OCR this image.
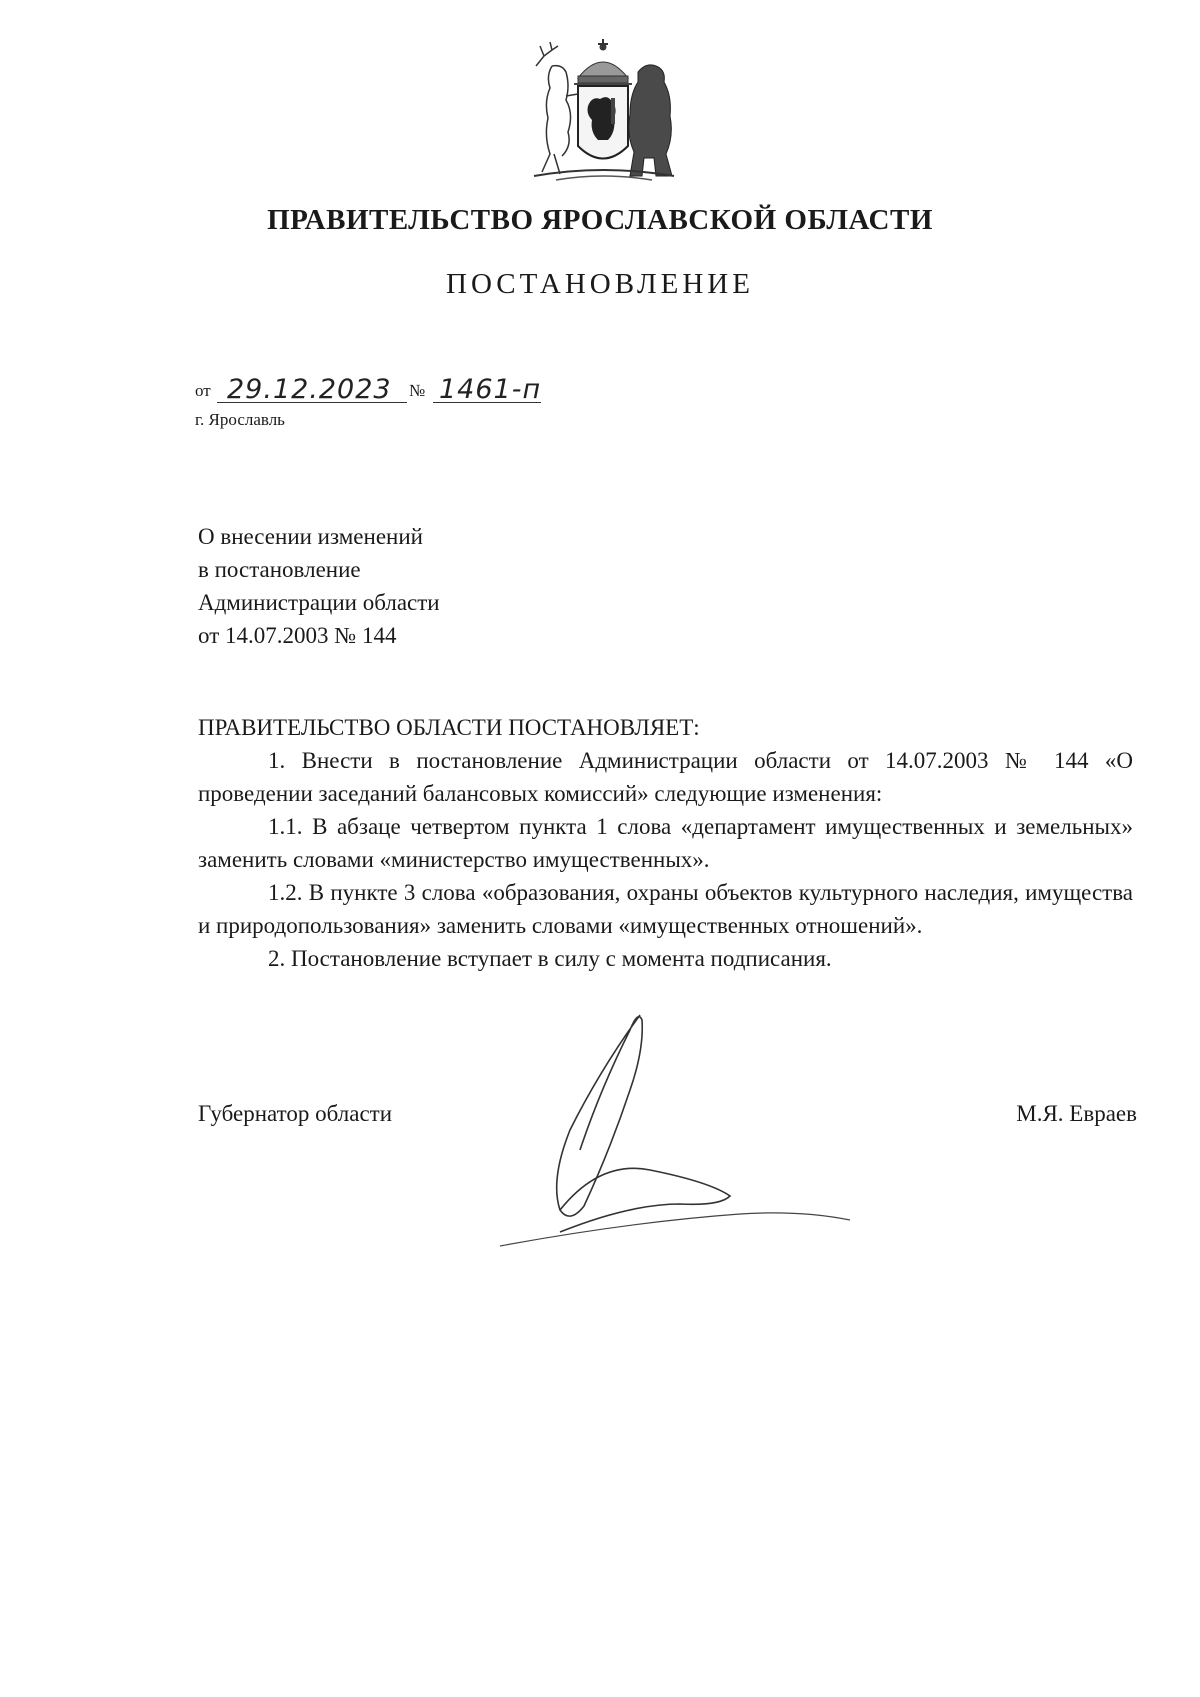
ПРАВИТЕЛЬСТВО ЯРОСЛАВСКОЙ ОБЛАСТИ
ПОСТАНОВЛЕНИЕ
от 29.12.2023 № 1461-п
г. Ярославль
О внесении изменений
в постановление
Администрации области
от 14.07.2003 № 144

ПРАВИТЕЛЬСТВО ОБЛАСТИ ПОСТАНОВЛЯЕТ:

1. Внести в постановление Администрации области от 14.07.2003 № 144 «О проведении заседаний балансовых комиссий» следующие изменения:

1.1. В абзаце четвертом пункта 1 слова «департамент имущественных и земельных» заменить словами «министерство имущественных».

1.2. В пункте 3 слова «образования, охраны объектов культурного наследия, имущества и природопользования» заменить словами «имущественных отношений».

2. Постановление вступает в силу с момента подписания.

Губернатор области	М.Я. Евраев
